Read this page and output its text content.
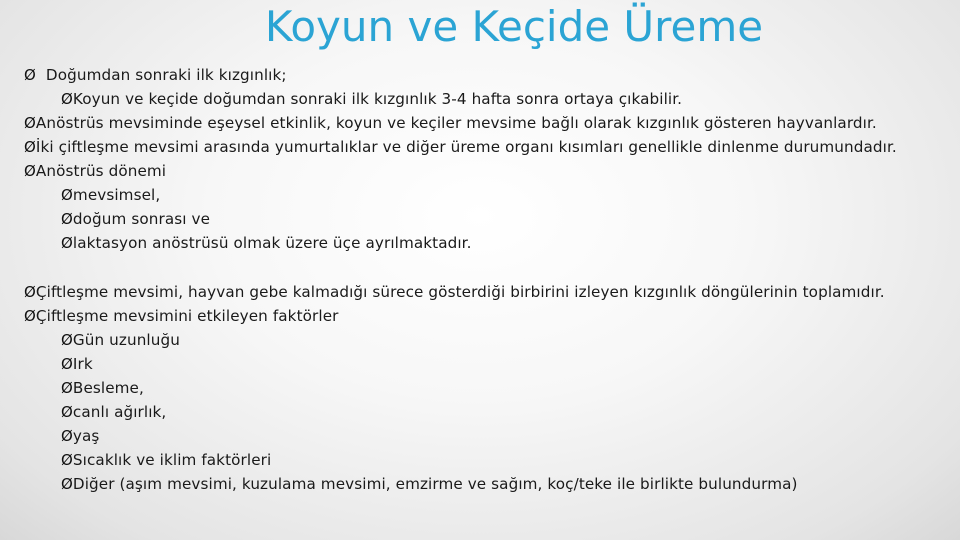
Koyun ve Keçide Üreme
Ø Doğumdan sonraki ilk kızgınlık;
ØKoyun ve keçide doğumdan sonraki ilk kızgınlık 3-4 hafta sonra ortaya çıkabilir.
ØAnöstrüs mevsiminde eşeysel etkinlik, koyun ve keçiler mevsime bağlı olarak kızgınlık gösteren hayvanlardır.
Øİki çiftleşme mevsimi arasında yumurtalıklar ve diğer üreme organı kısımları genellikle dinlenme durumundadır.
ØAnöstrüs dönemi
Ømevsimsel,
Ødoğum sonrası ve
Ølaktasyon anöstrüsü olmak üzere üçe ayrılmaktadır.
ØÇiftleşme mevsimi, hayvan gebe kalmadığı sürece gösterdiği birbirini izleyen kızgınlık döngülerinin toplamıdır.
ØÇiftleşme mevsimini etkileyen faktörler
ØGün uzunluğu
ØIrk
ØBesleme,
Øcanlı ağırlık,
Øyaş
ØSıcaklık ve iklim faktörleri
ØDiğer (aşım mevsimi, kuzulama mevsimi, emzirme ve sağım, koç/teke ile birlikte bulundurma)
